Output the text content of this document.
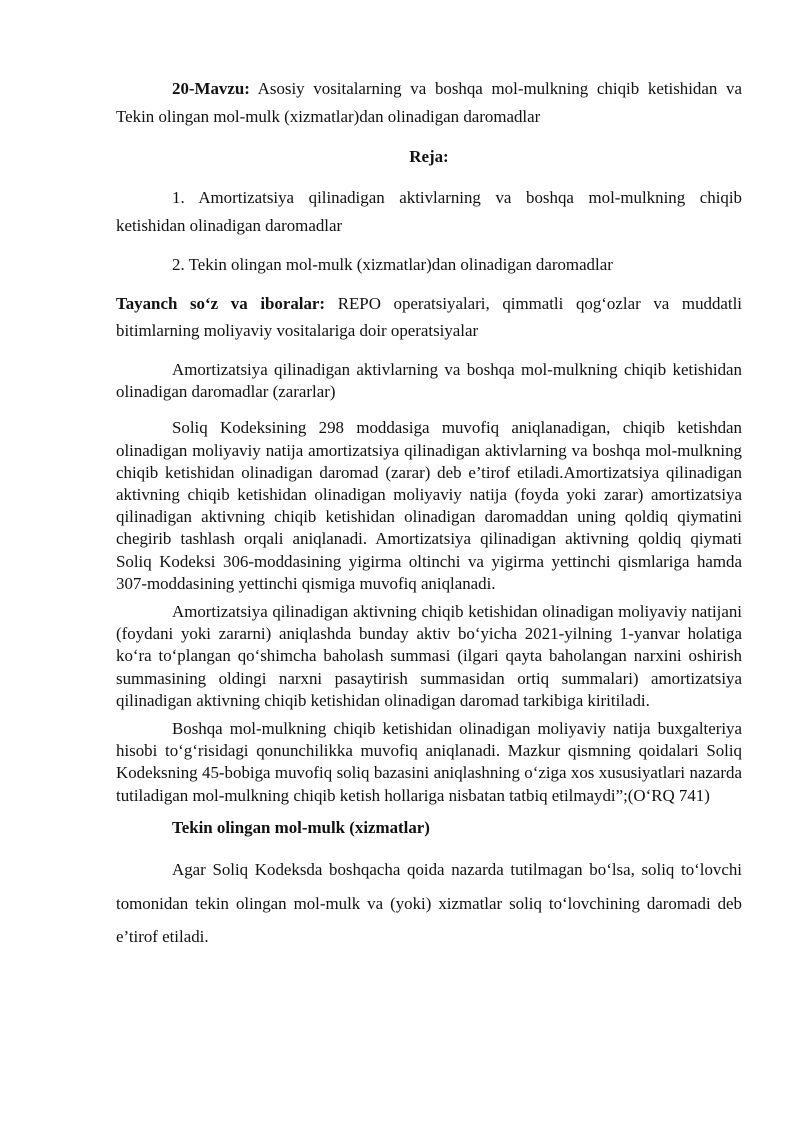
20-Mavzu: Asosiy vositalarning va boshqa mol-mulkning chiqib ketishidan va Tekin olingan mol-mulk (xizmatlar)dan olinadigan daromadlar

Reja:

1. Amortizatsiya qilinadigan aktivlarning va boshqa mol-mulkning chiqib ketishidan olinadigan daromadlar

2. Tekin olingan mol-mulk (xizmatlar)dan olinadigan daromadlar

Tayanch so‘z va iboralar: REPO operatsiyalari, qimmatli qog‘ozlar va muddatli bitimlarning moliyaviy vositalariga doir operatsiyalar

Amortizatsiya qilinadigan aktivlarning va boshqa mol-mulkning chiqib ketishidan olinadigan daromadlar (zararlar)

Soliq Kodeksining 298 moddasiga muvofiq aniqlanadigan, chiqib ketishdan olinadigan moliyaviy natija amortizatsiya qilinadigan aktivlarning va boshqa mol-mulkning chiqib ketishidan olinadigan daromad (zarar) deb e’tirof etiladi.Amortizatsiya qilinadigan aktivning chiqib ketishidan olinadigan moliyaviy natija (foyda yoki zarar) amortizatsiya qilinadigan aktivning chiqib ketishidan olinadigan daromaddan uning qoldiq qiymatini chegirib tashlash orqali aniqlanadi. Amortizatsiya qilinadigan aktivning qoldiq qiymati Soliq Kodeksi 306-moddasining yigirma oltinchi va yigirma yettinchi qismlariga hamda 307-moddasining yettinchi qismiga muvofiq aniqlanadi.

Amortizatsiya qilinadigan aktivning chiqib ketishidan olinadigan moliyaviy natijani (foydani yoki zararni) aniqlashda bunday aktiv bo‘yicha 2021-yilning 1-yanvar holatiga ko‘ra to‘plangan qo‘shimcha baholash summasi (ilgari qayta baholangan narxini oshirish summasining oldingi narxni pasaytirish summasidan ortiq summalari) amortizatsiya qilinadigan aktivning chiqib ketishidan olinadigan daromad tarkibiga kiritiladi.

Boshqa mol-mulkning chiqib ketishidan olinadigan moliyaviy natija buxgalteriya hisobi to‘g‘risidagi qonunchilikka muvofiq aniqlanadi. Mazkur qismning qoidalari Soliq Kodeksning 45-bobiga muvofiq soliq bazasini aniqlashning o‘ziga xos xususiyatlari nazarda tutiladigan mol-mulkning chiqib ketish hollariga nisbatan tatbiq etilmaydi”;(O‘RQ 741)

Tekin olingan mol-mulk (xizmatlar)

Agar Soliq Kodeksda boshqacha qoida nazarda tutilmagan bo‘lsa, soliq to‘lovchi tomonidan tekin olingan mol-mulk va (yoki) xizmatlar soliq to‘lovchining daromadi deb e’tirof etiladi.
